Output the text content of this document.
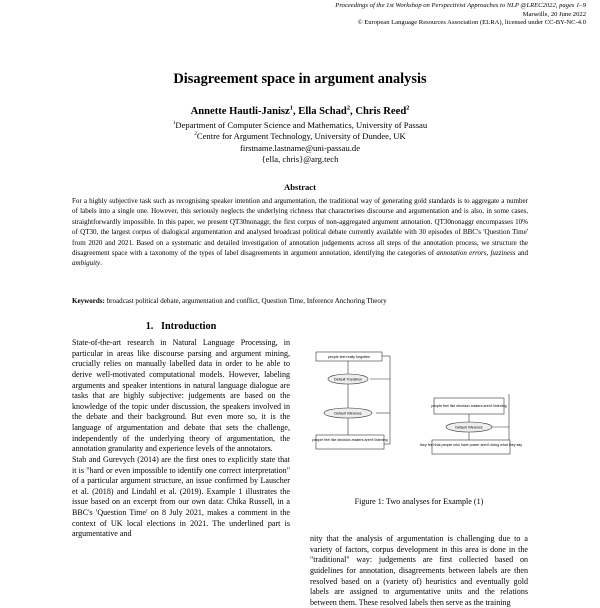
Proceedings of the 1st Workshop on Perspectivist Approaches to NLP @LREC2022, pages 1–9
Marseille, 20 June 2022
© European Language Resources Association (ELRA), licensed under CC-BY-NC-4.0
Disagreement space in argument analysis
Annette Hautli-Janisz$^1$, Ella Schad$^2$, Chris Reed$^2$
$^1$Department of Computer Science and Mathematics, University of Passau
$^2$Centre for Argument Technology, University of Dundee, UK
firstname.lastname@uni-passau.de
{ella, chris}@arg.tech
Abstract
For a highly subjective task such as recognising speaker intention and argumentation, the traditional way of generating gold standards is to aggregate a number of labels into a single one. However, this seriously neglects the underlying richness that characterises discourse and argumentation and is also, in some cases, straightforwardly impossible. In this paper, we present QT30nonaggr, the first corpus of non-aggregated argument annotation. QT30nonaggr encompasses 10% of QT30, the largest corpus of dialogical argumentation and analysed broadcast political debate currently available with 30 episodes of BBC's 'Question Time' from 2020 and 2021. Based on a systematic and detailed investigation of annotation judgements across all steps of the annotation process, we structure the disagreement space with a taxonomy of the types of label disagreements in argument annotation, identifying the categories of annotation errors, fuzziness and ambiguity.
Keywords: broadcast political debate, argumentation and conflict, Question Time, Inference Anchoring Theory
1. Introduction

State-of-the-art research in Natural Language Processing, in particular in areas like discourse parsing and argument mining, crucially relies on manually labelled data in order to be able to derive well-motivated computational models. However, labeling arguments and speaker intentions in natural language dialogue are tasks that are highly subjective: judgements are based on the knowledge of the topic under discussion, the speakers involved in the debate and their background. But even more so, it is the language of argumentation and debate that sets the challenge, independently of the underlying theory of argumentation, the annotation granularity and experience levels of the annotators.

Stab and Gurevych (2014) are the first ones to explicitly state that it is "hard or even impossible to identify one correct interpretation" of a particular argument structure, an issue confirmed by Lauscher et al. (2018) and Lindahl et al. (2019). Example 1 illustrates the issue based on an excerpt from our own data: Chika Russell, in a BBC's 'Question Time' on 8 July 2021, makes a comment in the context of UK local elections in 2021. The underlined part is argumentative and

people feel really forgotten
Default Transition
Default Inference
people feel like decision-makers aren't listening
people feel like decision-makers aren't listening
Default Inference
they feel that people who have power aren't doing what they say
Figure 1: Two analyses for Example (1)

nity that the analysis of argumentation is challenging due to a variety of factors, corpus development in this area is done in the "traditional" way: judgements are first collected based on guidelines for annotation, disagreements between labels are then resolved based on a (variety of) heuristics and eventually gold labels are assigned to argumentative units and the relations between them. These resolved labels then serve as the training
